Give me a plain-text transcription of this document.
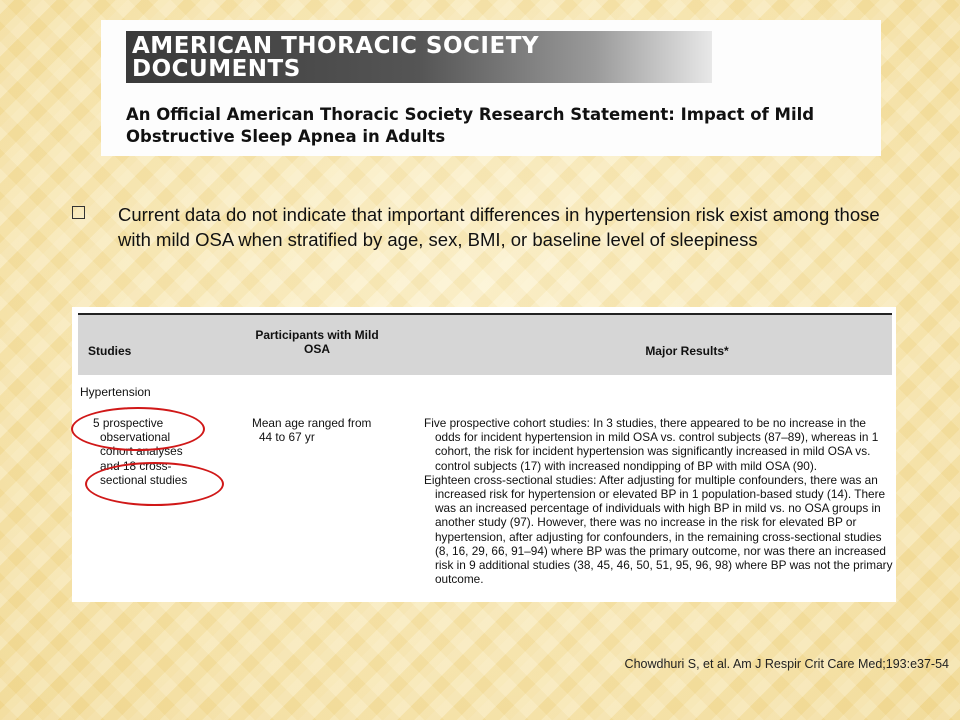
AMERICAN THORACIC SOCIETY
DOCUMENTS
An Official American Thoracic Society Research Statement: Impact of Mild Obstructive Sleep Apnea in Adults
Current data do not indicate that important differences in hypertension risk exist among those with mild OSA when stratified by age, sex, BMI, or baseline level of sleepiness
Studies
Participants with Mild OSA	Major Results*
Hypertension
5 prospective
observational
cohort analyses
and 18 cross-
sectional studies
Mean age ranged from
44 to 67 yr
Five prospective cohort studies: In 3 studies, there appeared to be no increase in the odds for incident hypertension in mild OSA vs. control subjects (87–89), whereas in 1 cohort, the risk for incident hypertension was significantly increased in mild OSA vs. control subjects (17) with increased nondipping of BP with mild OSA (90).
Eighteen cross-sectional studies: After adjusting for multiple confounders, there was an increased risk for hypertension or elevated BP in 1 population-based study (14). There was an increased percentage of individuals with high BP in mild vs. no OSA groups in another study (97). However, there was no increase in the risk for elevated BP or hypertension, after adjusting for confounders, in the remaining cross-sectional studies (8, 16, 29, 66, 91–94) where BP was the primary outcome, nor was there an increased risk in 9 additional studies (38, 45, 46, 50, 51, 95, 96, 98) where BP was not the primary outcome.
Chowdhuri S, et al. Am J Respir Crit Care Med;193:e37-54
